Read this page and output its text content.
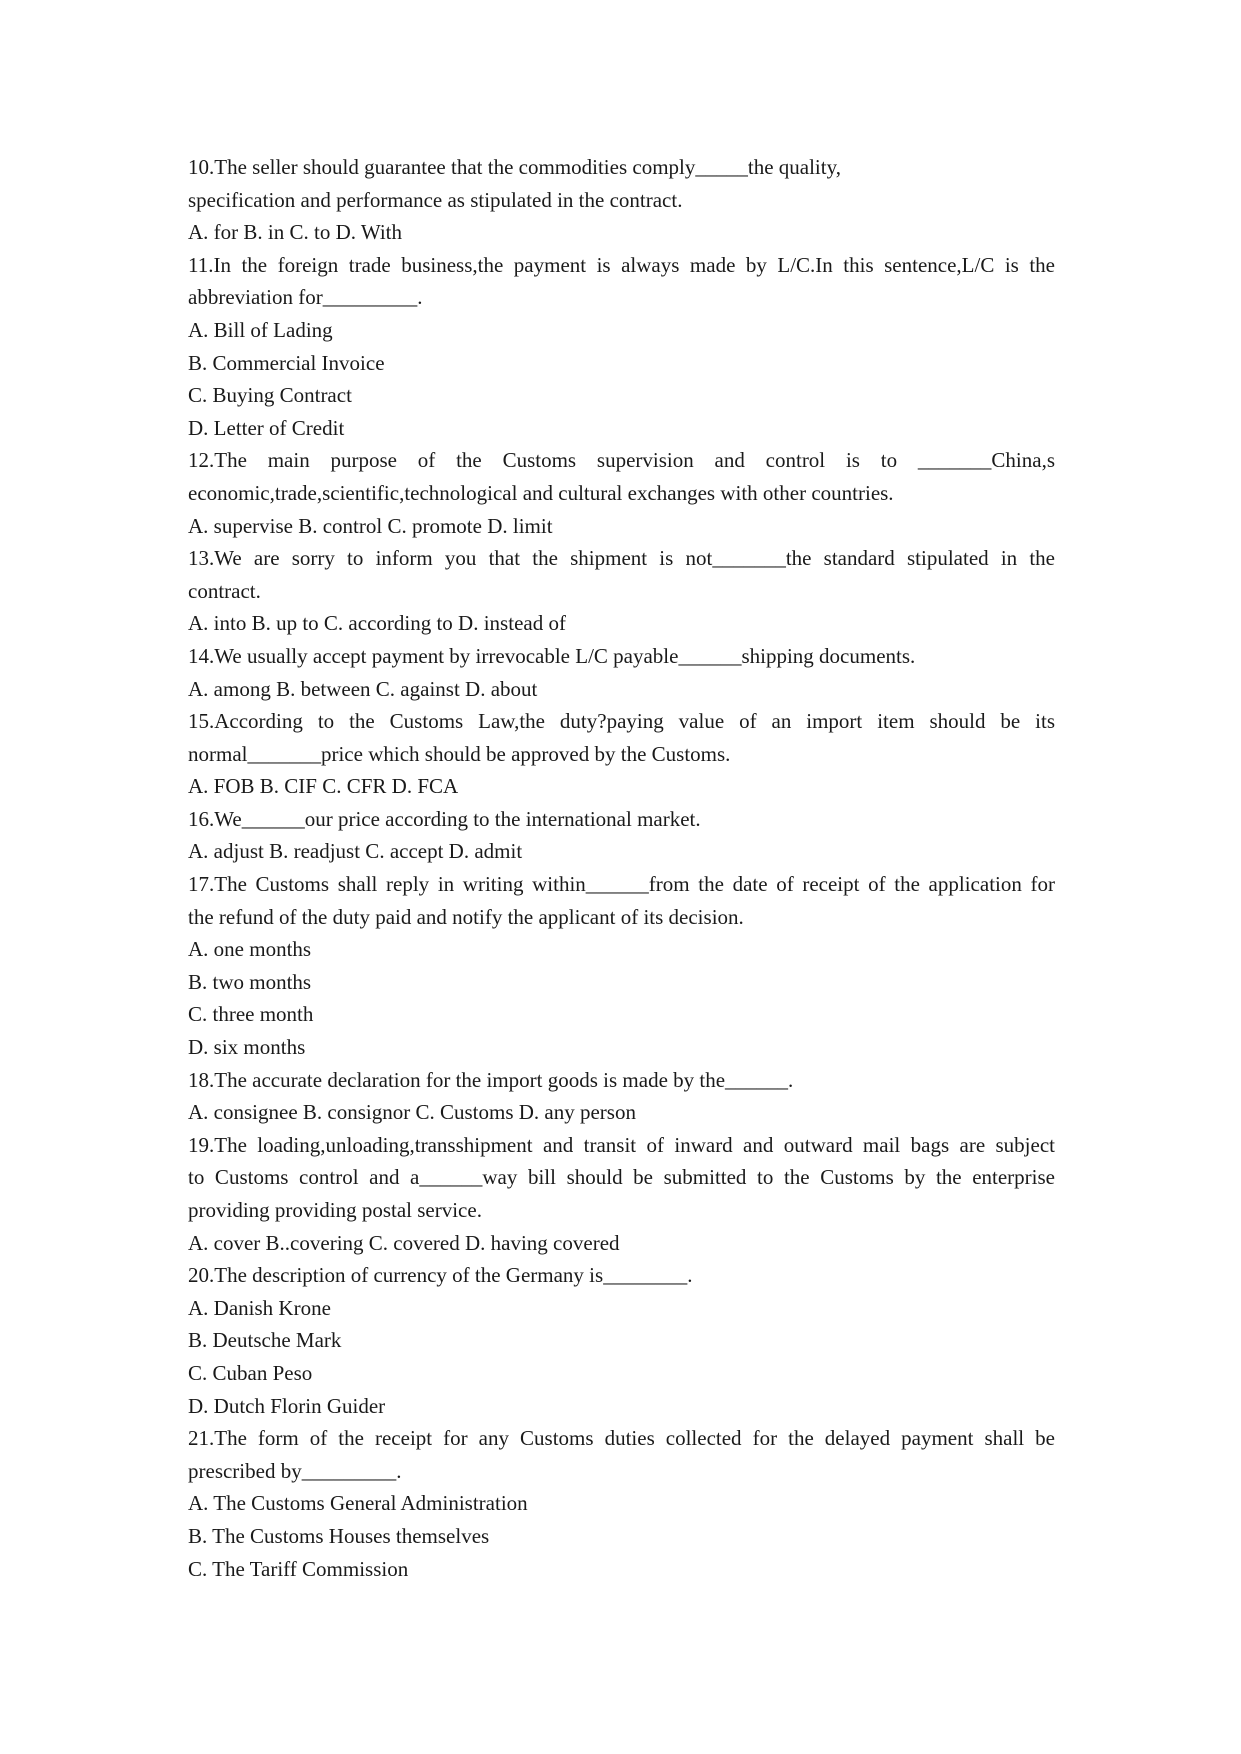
10.The seller should guarantee that the commodities comply_____the quality,

specification and performance as stipulated in the contract.

A. for B. in C. to D. With

11.In the foreign trade business,the payment is always made by L/C.In this sentence,L/C is the

abbreviation for_________.

A. Bill of Lading

B. Commercial Invoice

C. Buying Contract

D. Letter of Credit

12.The main purpose of the Customs supervision and control is to _______China,s

economic,trade,scientific,technological and cultural exchanges with other countries.

A. supervise B. control C. promote D. limit

13.We are sorry to inform you that the shipment is not_______the standard stipulated in the

contract.

A. into B. up to C. according to D. instead of

14.We usually accept payment by irrevocable L/C payable______shipping documents.

A. among B. between C. against D. about

15.According to the Customs Law,the duty?paying value of an import item should be its

normal_______price which should be approved by the Customs.

A. FOB B. CIF C. CFR D. FCA

16.We______our price according to the international market.

A. adjust B. readjust C. accept D. admit

17.The Customs shall reply in writing within______from the date of receipt of the application for

the refund of the duty paid and notify the applicant of its decision.

A. one months

B. two months

C. three month

D. six months

18.The accurate declaration for the import goods is made by the______.

A. consignee B. consignor C. Customs D. any person

19.The loading,unloading,transshipment and transit of inward and outward mail bags are subject

to Customs control and a______way bill should be submitted to the Customs by the enterprise

providing providing postal service.

A. cover B..covering C. covered D. having covered

20.The description of currency of the Germany is________.

A. Danish Krone

B. Deutsche Mark

C. Cuban Peso

D. Dutch Florin Guider

21.The form of the receipt for any Customs duties collected for the delayed payment shall be

prescribed by_________.

A. The Customs General Administration

B. The Customs Houses themselves

C. The Tariff Commission
